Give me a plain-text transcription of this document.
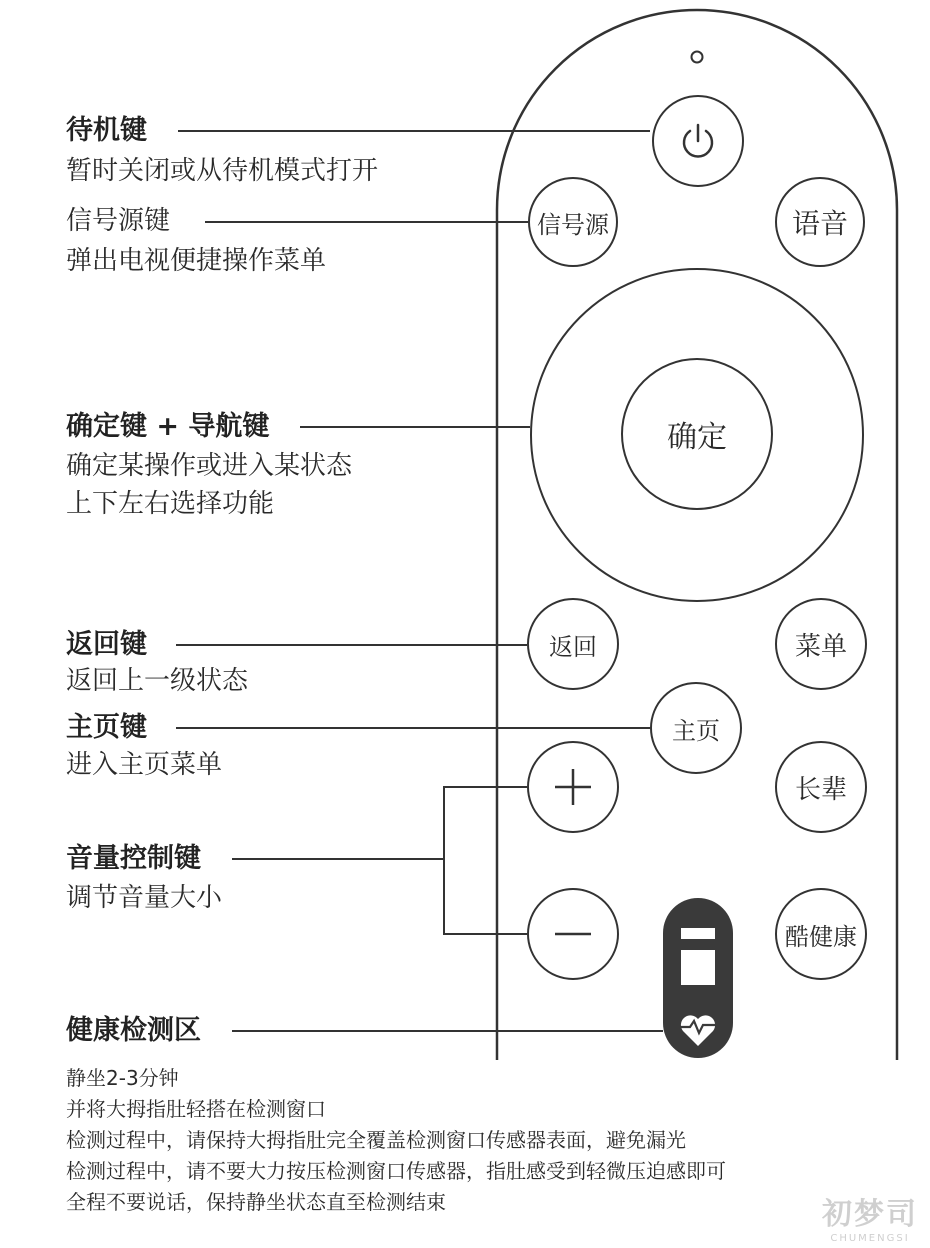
信号源	语音
确定
返回	菜单
主页
长辈
酷健康
待机键
暂时关闭或从待机模式打开
信号源键
弹出电视便捷操作菜单
确定键 + 导航键
确定某操作或进入某状态
上下左右选择功能
返回键
返回上一级状态
主页键
进入主页菜单
音量控制键
调节音量大小
健康检测区
静坐2-3分钟
并将大拇指肚轻搭在检测窗口
检测过程中，请保持大拇指肚完全覆盖检测窗口传感器表面，避免漏光
检测过程中，请不要大力按压检测窗口传感器，指肚感受到轻微压迫感即可
全程不要说话，保持静坐状态直至检测结束	初梦司
CHUMENGSI
